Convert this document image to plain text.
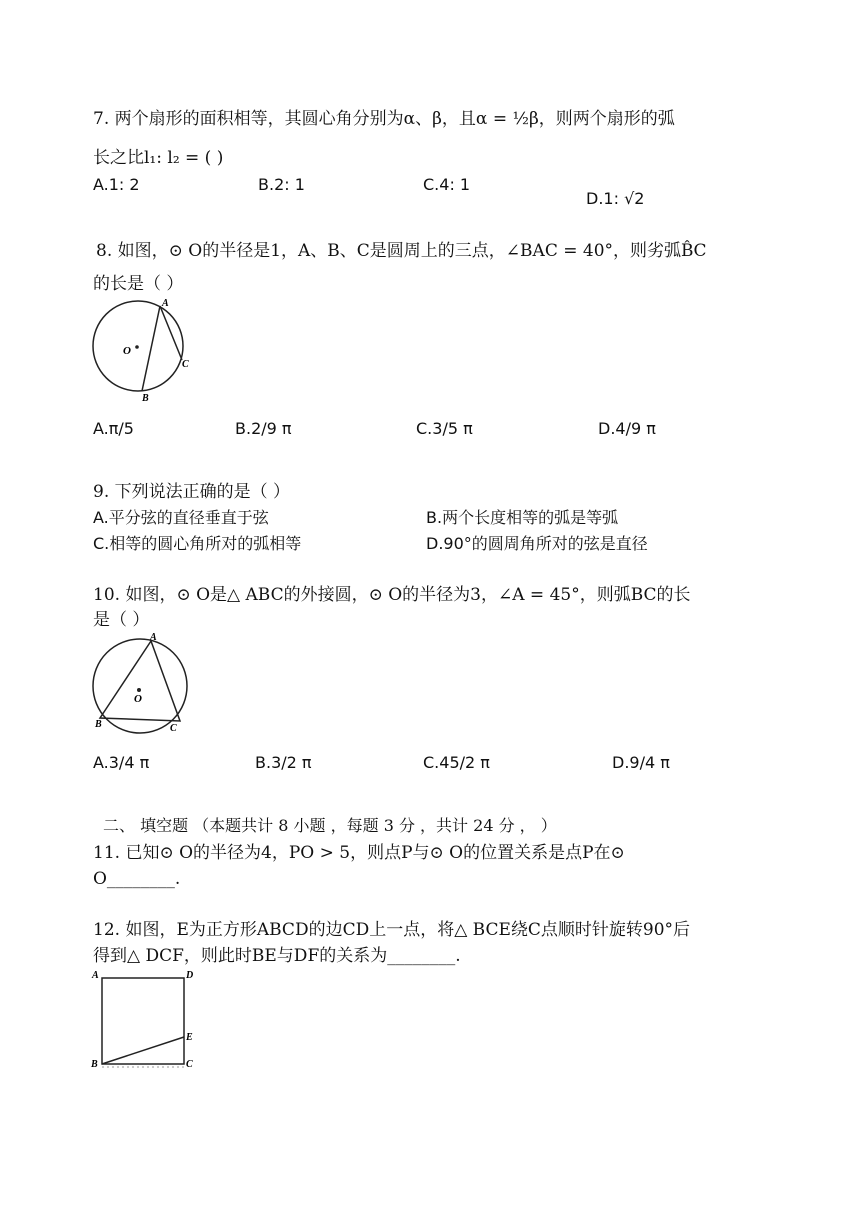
7. 两个扇形的面积相等，其圆心角分别为α、β，且α = ½β，则两个扇形的弧
长之比l₁: l₂ = ( )
A.1: 2	B.2: 1	C.4: 1
D.1: √2
8. 如图，⊙ O的半径是1，A、B、C是圆周上的三点，∠BAC = 40°，则劣弧B̂C
的长是（ ）
A
O
C
B
A.π/5	B.2/9 π	C.3/5 π	D.4/9 π
9. 下列说法正确的是（ ）
A.平分弦的直径垂直于弦	B.两个长度相等的弧是等弧
C.相等的圆心角所对的弧相等	D.90°的圆周角所对的弦是直径
10. 如图，⊙ O是△ ABC的外接圆，⊙ O的半径为3，∠A = 45°，则弧BC的长
是（ ）
A
O
B	C
A.3/4 π	B.3/2 π	C.45/2 π	D.9/4 π
二、 填空题 （本题共计 8 小题 ，每题 3 分 ，共计 24 分 ， ）
11. 已知⊙ O的半径为4，PO > 5，则点P与⊙ O的位置关系是点P在⊙
O________.
12. 如图，E为正方形ABCD的边CD上一点，将△ BCE绕C点顺时针旋转90°后
得到△ DCF，则此时BE与DF的关系为________.
A	D
E
B	C
